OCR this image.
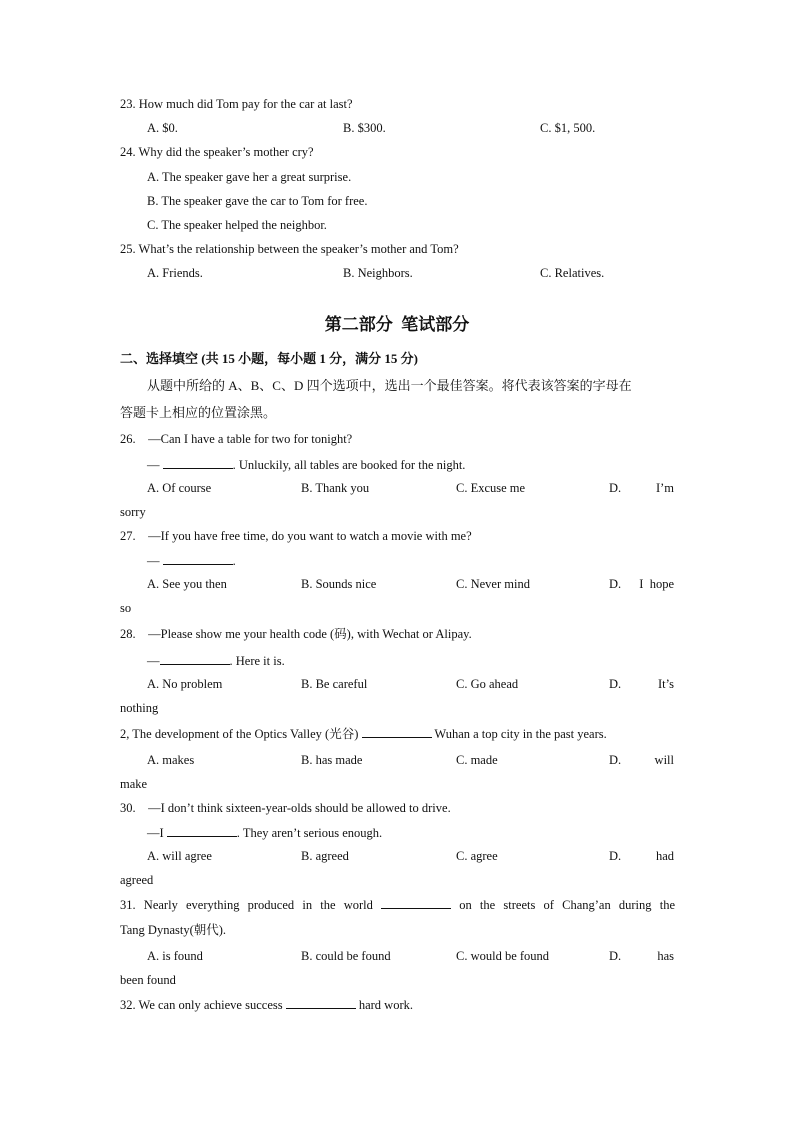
23. How much did Tom pay for the car at last?
A. $0.	B. $300.	C. $1, 500.
24. Why did the speaker’s mother cry?
A. The speaker gave her a great surprise.
B. The speaker gave the car to Tom for free.
C. The speaker helped the neighbor.
25. What’s the relationship between the speaker’s mother and Tom?
A. Friends.	B. Neighbors.	C. Relatives.
第二部分  笔试部分
二、选择填空 (共 15 小题，每小题 1 分，满分 15 分)
从题中所给的 A、B、C、D 四个选项中，选出一个最佳答案。将代表该答案的字母在
答题卡上相应的位置涂黑。
26.    —Can I have a table for two for tonight?
—	. Unluckily, all tables are booked for the night.
A. Of course	B. Thank you	C. Excuse me	D.	I’m
sorry
27.    —If you have free time, do you want to watch a movie with me?
—	.
A. See you then	B. Sounds nice	C. Never mind	D. I  hope
so
28.    —Please show me your health code (码), with Wechat or Alipay.
—	. Here it is.
A. No problem	B. Be careful	C. Go ahead	D.	It’s
nothing
2, The development of the Optics Valley (光谷)	Wuhan a top city in the past years.
A. makes	B. has made	C. made	D.	will
make
30.    —I don’t think sixteen-year-olds should be allowed to drive.
—I	. They aren’t serious enough.
A. will agree	B. agreed	C. agree	D.	had
agreed
31. Nearly everything produced in the world	on the streets of Chang’an during the
Tang Dynasty(朝代).
A. is found	B. could be found	C. would be found	D.	has
been found
32. We can only achieve success	hard work.
